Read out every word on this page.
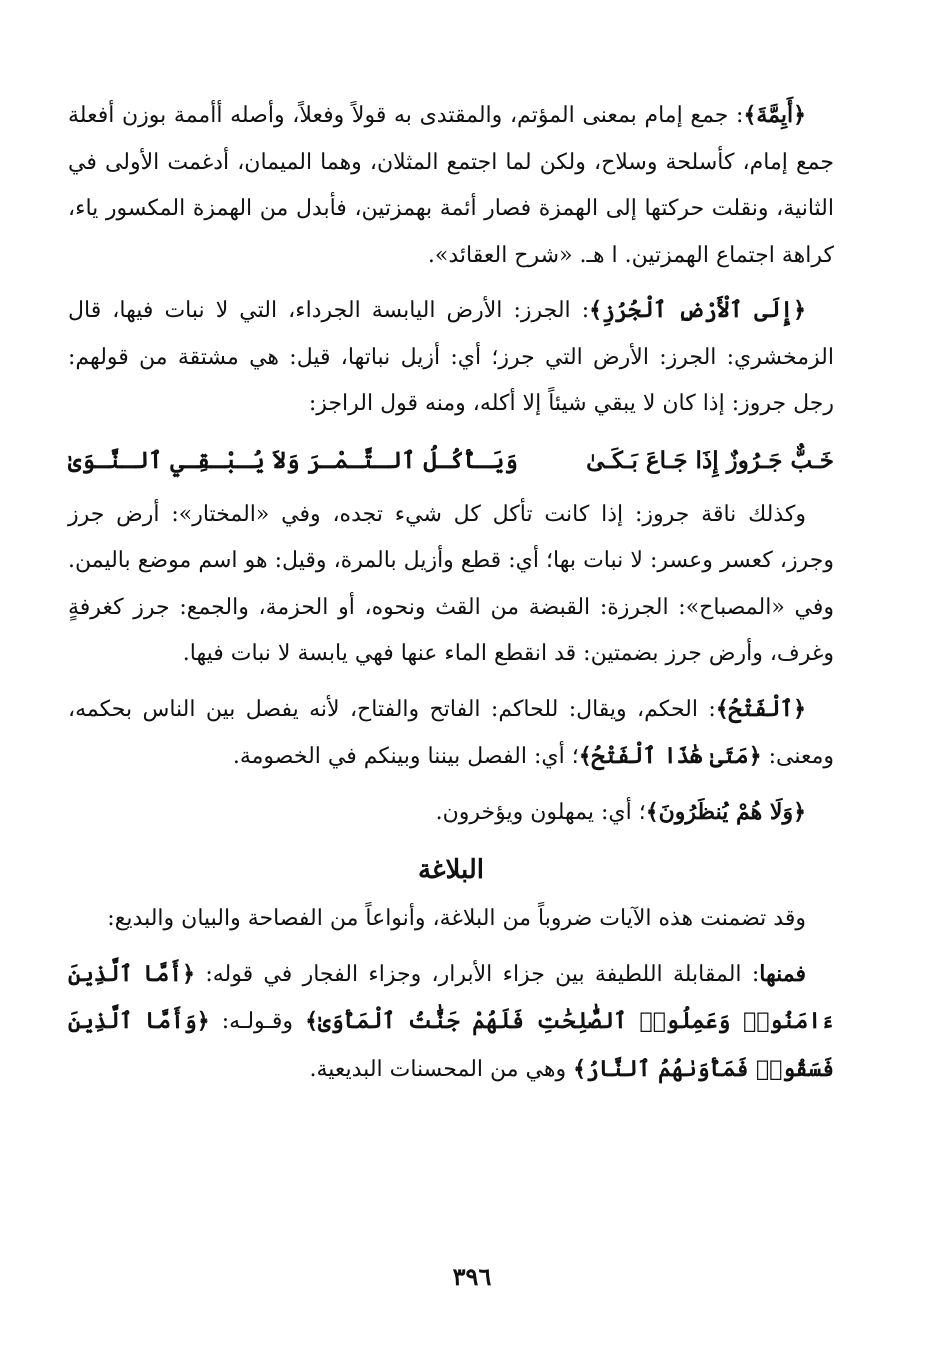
﴿أَيِمَّةَ﴾: جمع إمام بمعنى المؤتم، والمقتدى به قولاً وفعلاً، وأصله أأممة بوزن أفعلة جمع إمام، كأسلحة وسلاح، ولكن لما اجتمع المثلان، وهما الميمان، أدغمت الأولى في الثانية، ونقلت حركتها إلى الهمزة فصار أئمة بهمزتين، فأبدل من الهمزة المكسور ياء، كراهة اجتماع الهمزتين. ا هـ. «شرح العقائد».

﴿إِلَى ٱلْأَرْضِ ٱلْجُرُزِ﴾: الجرز: الأرض اليابسة الجرداء، التي لا نبات فيها، قال الزمخشري: الجرز: الأرض التي جرز؛ أي: أزيل نباتها، قيل: هي مشتقة من قولهم: رجل جروز: إذا كان لا يبقي شيئاً إلا أكله، ومنه قول الراجز:

خَـبٌّ جَـرُوزٌ إِذَا جَـاعَ بَـكَـىٰ
وَيَـأْكُـلُ ٱلـتَّـمْـرَ وَلاَ يُـبْـقِـي ٱلـنَّـوَىٰ

وكذلك ناقة جروز: إذا كانت تأكل كل شيء تجده، وفي «المختار»: أرض جرز وجرز، كعسر وعسر: لا نبات بها؛ أي: قطع وأزيل بالمرة، وقيل: هو اسم موضع باليمن. وفي «المصباح»: الجرزة: القبضة من القث ونحوه، أو الحزمة، والجمع: جرز كغرفةٍ وغرف، وأرض جرز بضمتين: قد انقطع الماء عنها فهي يابسة لا نبات فيها.

﴿ٱلْفَتْحُ﴾: الحكم، ويقال: للحاكم: الفاتح والفتاح، لأنه يفصل بين الناس بحكمه، ومعنى: ﴿مَتَىٰ هَٰذَا ٱلْفَتْحُ﴾؛ أي: الفصل بيننا وبينكم في الخصومة.

﴿وَلَا هُمْ يُنظَرُونَ﴾؛ أي: يمهلون ويؤخرون.

البلاغة

وقد تضمنت هذه الآيات ضروباً من البلاغة، وأنواعاً من الفصاحة والبيان والبديع:

فمنها: المقابلة اللطيفة بين جزاء الأبرار، وجزاء الفجار في قوله: ﴿أَمَّا ٱلَّذِينَ ءَامَنُوا۟ وَعَمِلُوا۟ ٱلصَّٰلِحَٰتِ فَلَهُمْ جَنَّٰتُ ٱلْمَأْوَىٰ﴾ وقـولـه: ﴿وَأَمَّا ٱلَّذِينَ فَسَقُوا۟ فَمَأْوَىٰهُمُ ٱلنَّارُ﴾ وهي من المحسنات البديعية.

٣٩٦
